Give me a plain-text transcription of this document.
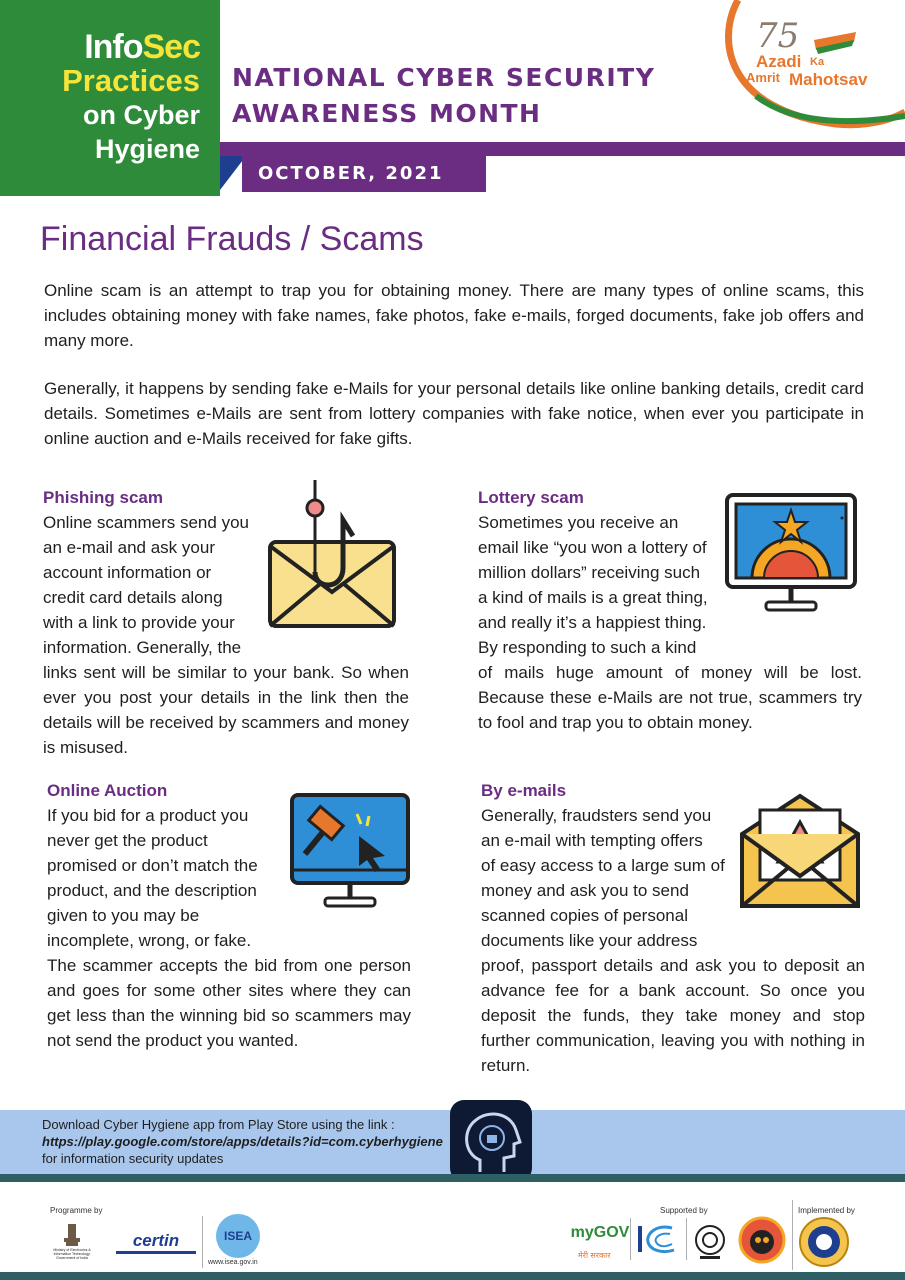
InfoSec
Practices
on Cyber
Hygiene
NATIONAL CYBER SECURITY
AWARENESS MONTH
OCTOBER, 2021
75
Azadi Ka
Amrit Mahotsav
Financial Frauds / Scams

Online scam is an attempt to trap you for obtaining money. There are many types of online scams, this includes obtaining money with fake names, fake photos, fake e-mails, forged documents, fake job offers and many more.

Generally, it happens by sending fake e-Mails for your personal details like online banking details, credit card details. Sometimes e-Mails are sent from lottery companies with fake notice, when ever you participate in online auction and e-Mails received for fake gifts.

Phishing scam
Online scammers send you
an e-mail and ask your
account information or
credit card details along
with a link to provide your
information. Generally, the
links sent will be similar to your bank. So when ever you post your details in the link then the details will be received by scammers and money is misused.
Lottery scam
Sometimes you receive an
email like “you won a lottery of
million dollars” receiving such
a kind of mails is a great thing,
and really it’s a happiest thing.
By responding to such a kind
of mails huge amount of money will be lost. Because these e-Mails are not true, scammers try to fool and trap you to obtain money.
Online Auction
If you bid for a product you
never get the product
promised or don’t match the
product, and the description
given to you may be
incomplete, wrong, or fake.
The scammer accepts the bid from one person and goes for some other sites where they can get less than the winning bid so scammers may not send the product you wanted.
By e-mails
Generally, fraudsters send you
an e-mail with tempting offers
of easy access to a large sum of
money and ask you to send
scanned copies of personal
documents like your address
proof, passport details and ask you to deposit an advance fee for a bank account. So once you deposit the funds, they take money and stop further communication, leaving you with nothing in return.
Download Cyber Hygiene app from Play Store using the link :
https://play.google.com/store/apps/details?id=com.cyberhygiene
for information security updates
Programme by
Ministry of Electronics & Information Technology, Government of India
certin	ISEA
www.isea.gov.in
Supported by
myGOV
मेरी सरकार
Implemented by
